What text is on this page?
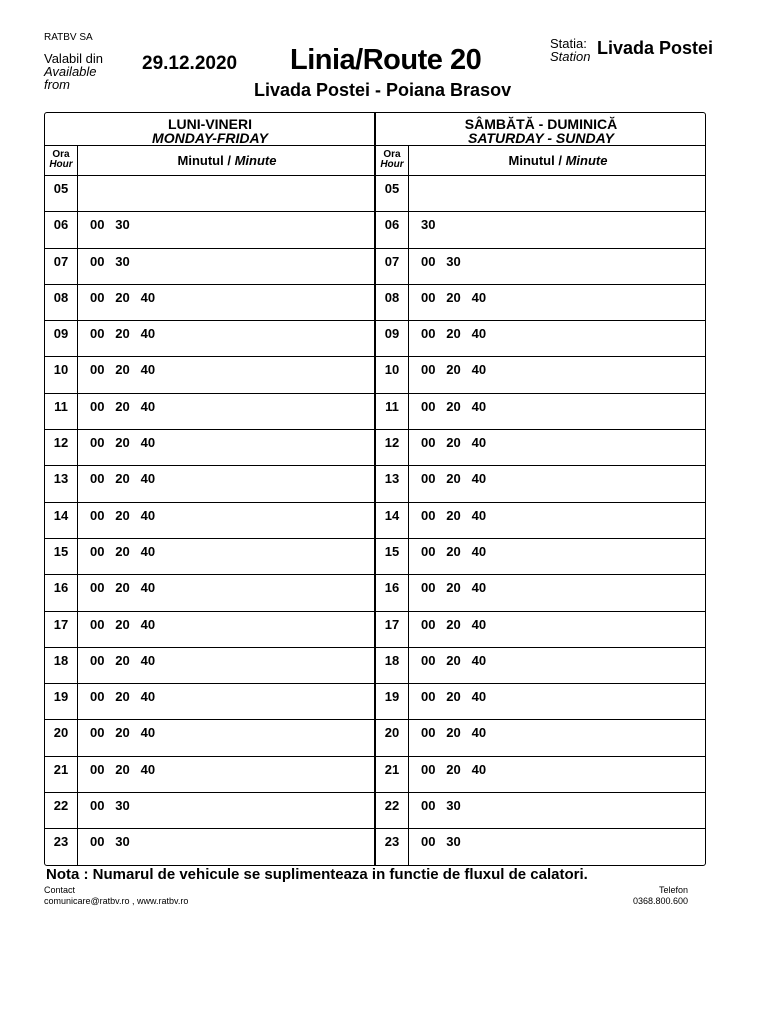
RATBV SA
Valabil din
Available
from
29.12.2020 Linia/Route 20
Livada Postei - Poiana Brasov
Statia:
Station Livada Postei
LUNI-VINERI
MONDAY-FRIDAY
Ora
Hour	Minutul / Minute
05
06	00   30
07	00   30
08	00   20   40
09	00   20   40
10	00   20   40
11	00   20   40
12	00   20   40
13	00   20   40
14	00   20   40
15	00   20   40
16	00   20   40
17	00   20   40
18	00   20   40
19	00   20   40
20	00   20   40
21	00   20   40
22	00   30
23	00   30
SÂMBĂTĂ - DUMINICĂ
SATURDAY - SUNDAY
Ora
Hour	Minutul / Minute
05
06	30
07	00   30
08	00   20   40
09	00   20   40
10	00   20   40
11	00   20   40
12	00   20   40
13	00   20   40
14	00   20   40
15	00   20   40
16	00   20   40
17	00   20   40
18	00   20   40
19	00   20   40
20	00   20   40
21	00   20   40
22	00   30
23	00   30
Nota : Numarul de vehicule se suplimenteaza in functie de fluxul de calatori.
Contact
comunicare@ratbv.ro , www.ratbv.ro
Telefon
0368.800.600
